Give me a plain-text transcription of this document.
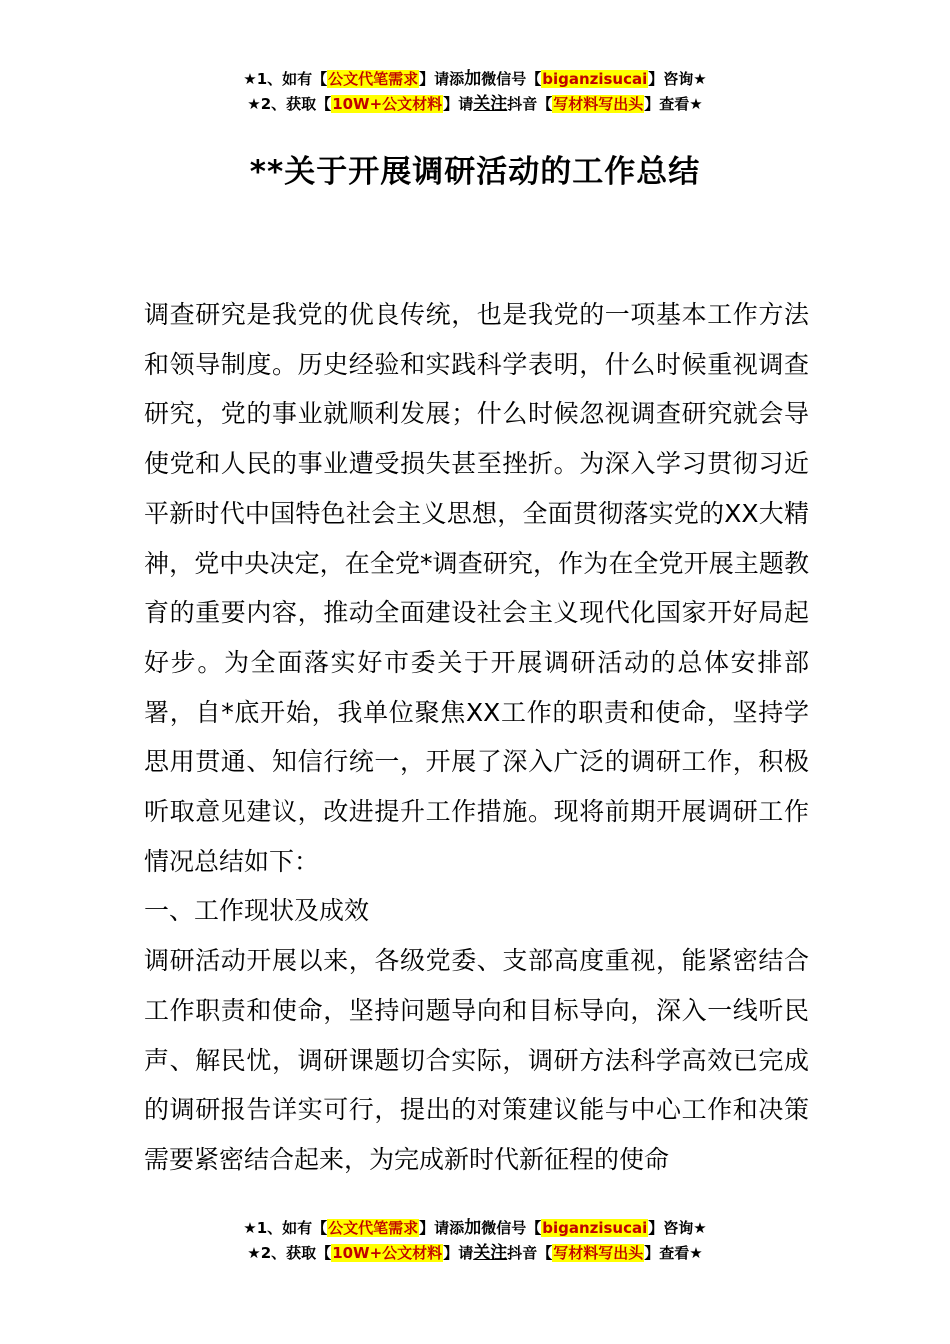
★1、如有【公文代笔需求】请添加微信号【biganzisucai】咨询★
★2、获取【10W+公文材料】请关注抖音【写材料写出头】查看★
**关于开展调研活动的工作总结

调查研究是我党的优良传统，也是我党的一项基本工作方法和领导制度。历史经验和实践科学表明，什么时候重视调查研究，党的事业就顺利发展；什么时候忽视调查研究就会导使党和人民的事业遭受损失甚至挫折。为深入学习贯彻习近平新时代中国特色社会主义思想，全面贯彻落实党的XX大精神，党中央决定，在全党*调查研究，作为在全党开展主题教育的重要内容，推动全面建设社会主义现代化国家开好局起好步。为全面落实好市委关于开展调研活动的总体安排部署，自*底开始，我单位聚焦XX工作的职责和使命，坚持学思用贯通、知信行统一，开展了深入广泛的调研工作，积极听取意见建议，改进提升工作措施。现将前期开展调研工作情况总结如下：

一、工作现状及成效

调研活动开展以来，各级党委、支部高度重视，能紧密结合工作职责和使命，坚持问题导向和目标导向，深入一线听民声、解民忧，调研课题切合实际，调研方法科学高效已完成的调研报告详实可行，提出的对策建议能与中心工作和决策需要紧密结合起来，为完成新时代新征程的使命

★1、如有【公文代笔需求】请添加微信号【biganzisucai】咨询★
★2、获取【10W+公文材料】请关注抖音【写材料写出头】查看★
